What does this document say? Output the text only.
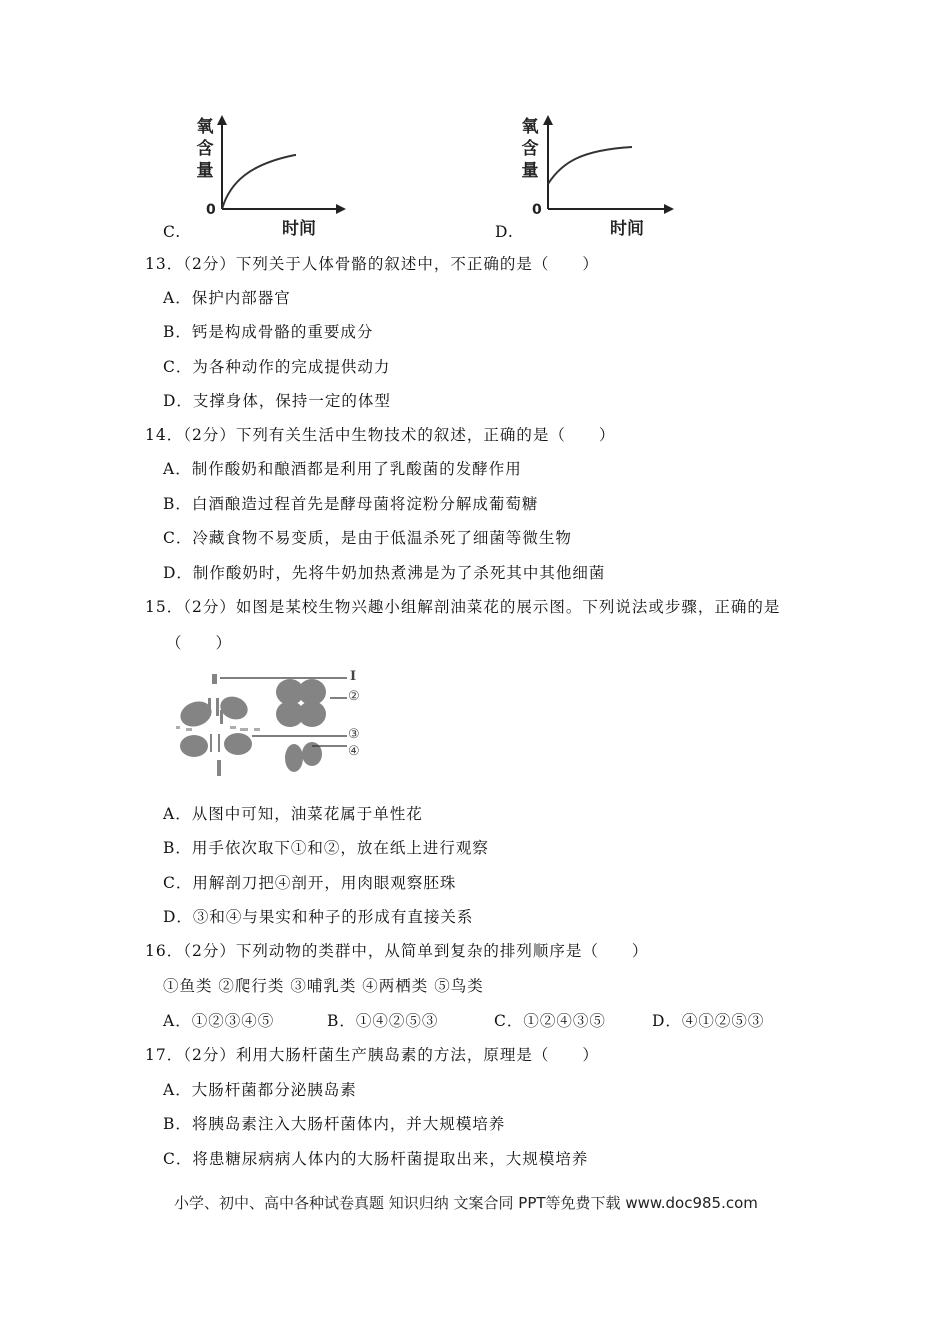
C.
氧
含
量
0
时间	D.
氧
含
量
0
时间
13．（2分）下列关于人体骨骼的叙述中，不正确的是（　　）
A．保护内部器官
B．钙是构成骨骼的重要成分
C．为各种动作的完成提供动力
D．支撑身体，保持一定的体型
14．（2分）下列有关生活中生物技术的叙述，正确的是（　　）
A．制作酸奶和酿酒都是利用了乳酸菌的发酵作用
B．白酒酿造过程首先是酵母菌将淀粉分解成葡萄糖
C．冷藏食物不易变质，是由于低温杀死了细菌等微生物
D．制作酸奶时，先将牛奶加热煮沸是为了杀死其中其他细菌
15．（2分）如图是某校生物兴趣小组解剖油菜花的展示图。下列说法或步骤，正确的是
（　　）
I
②
③
④
A．从图中可知，油菜花属于单性花
B．用手依次取下①和②，放在纸上进行观察
C．用解剖刀把④剖开，用肉眼观察胚珠
D．③和④与果实和种子的形成有直接关系
16．（2分）下列动物的类群中，从简单到复杂的排列顺序是（　　）
①鱼类 ②爬行类 ③哺乳类 ④两栖类 ⑤鸟类
A．①②③④⑤	B．①④②⑤③	C．①②④③⑤	D．④①②⑤③
17．（2分）利用大肠杆菌生产胰岛素的方法，原理是（　　）
A．大肠杆菌都分泌胰岛素
B．将胰岛素注入大肠杆菌体内，并大规模培养
C．将患糖尿病病人体内的大肠杆菌提取出来，大规模培养
小学、初中、高中各种试卷真题 知识归纳 文案合同 PPT等免费下载 www.doc985.com
